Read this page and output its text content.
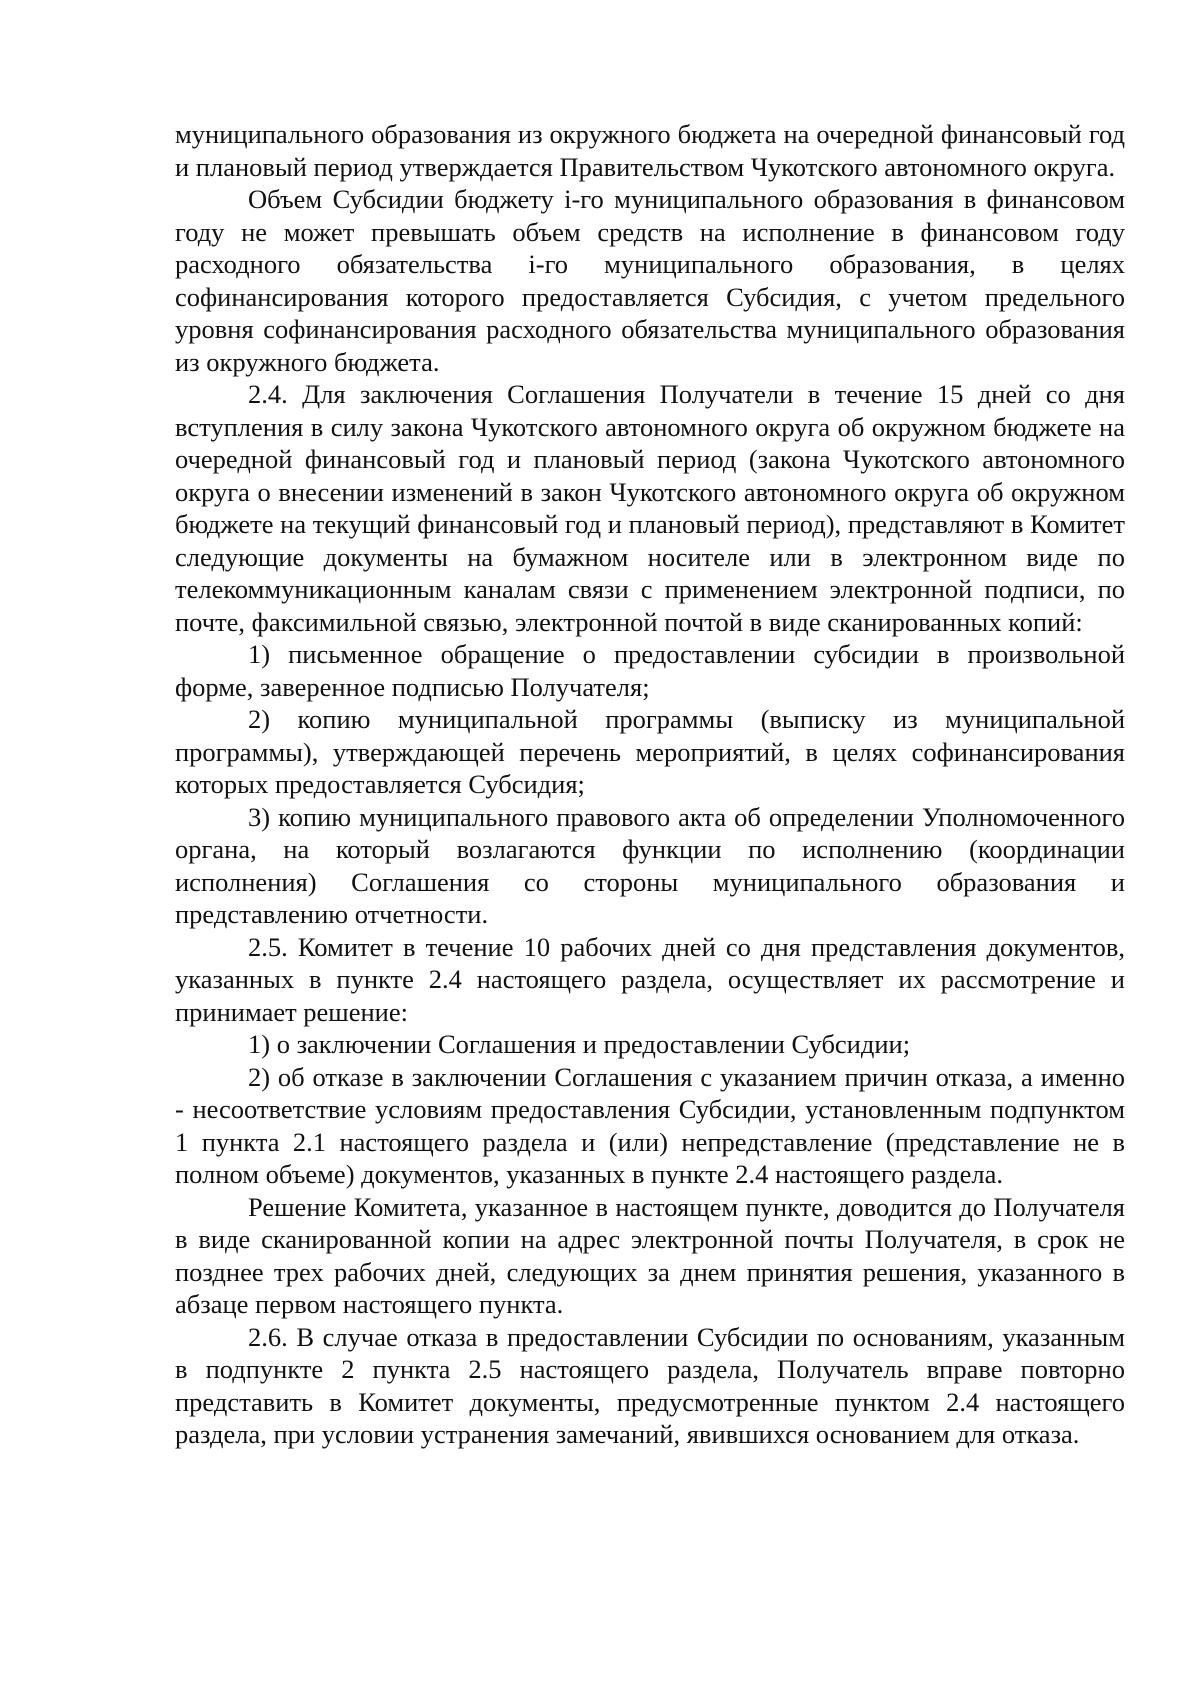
муниципального образования из окружного бюджета на очередной финансовый год и плановый период утверждается Правительством Чукотского автономного округа.

Объем Субсидии бюджету i-го муниципального образования в финансовом году не может превышать объем средств на исполнение в финансовом году расходного обязательства i-го муниципального образования, в целях софинансирования которого предоставляется Субсидия, с учетом предельного уровня софинансирования расходного обязательства муниципального образования из окружного бюджета.

2.4. Для заключения Соглашения Получатели в течение 15 дней со дня вступления в силу закона Чукотского автономного округа об окружном бюджете на очередной финансовый год и плановый период (закона Чукотского автономного округа о внесении изменений в закон Чукотского автономного округа об окружном бюджете на текущий финансовый год и плановый период), представляют в Комитет следующие документы на бумажном носителе или в электронном виде по телекоммуникационным каналам связи с применением электронной подписи, по почте, факсимильной связью, электронной почтой в виде сканированных копий:

1) письменное обращение о предоставлении субсидии в произвольной форме, заверенное подписью Получателя;

2) копию муниципальной программы (выписку из муниципальной программы), утверждающей перечень мероприятий, в целях софинансирования которых предоставляется Субсидия;

3) копию муниципального правового акта об определении Уполномоченного органа, на который возлагаются функции по исполнению (координации исполнения) Соглашения со стороны муниципального образования и представлению отчетности.

2.5. Комитет в течение 10 рабочих дней со дня представления документов, указанных в пункте 2.4 настоящего раздела, осуществляет их рассмотрение и принимает решение:

1) о заключении Соглашения и предоставлении Субсидии;

2) об отказе в заключении Соглашения с указанием причин отказа, а именно - несоответствие условиям предоставления Субсидии, установленным подпунктом 1 пункта 2.1 настоящего раздела и (или) непредставление (представление не в полном объеме) документов, указанных в пункте 2.4 настоящего раздела.

Решение Комитета, указанное в настоящем пункте, доводится до Получателя в виде сканированной копии на адрес электронной почты Получателя, в срок не позднее трех рабочих дней, следующих за днем принятия решения, указанного в абзаце первом настоящего пункта.

2.6. В случае отказа в предоставлении Субсидии по основаниям, указанным в подпункте 2 пункта 2.5 настоящего раздела, Получатель вправе повторно представить в Комитет документы, предусмотренные пунктом 2.4 настоящего раздела, при условии устранения замечаний, явившихся основанием для отказа.
